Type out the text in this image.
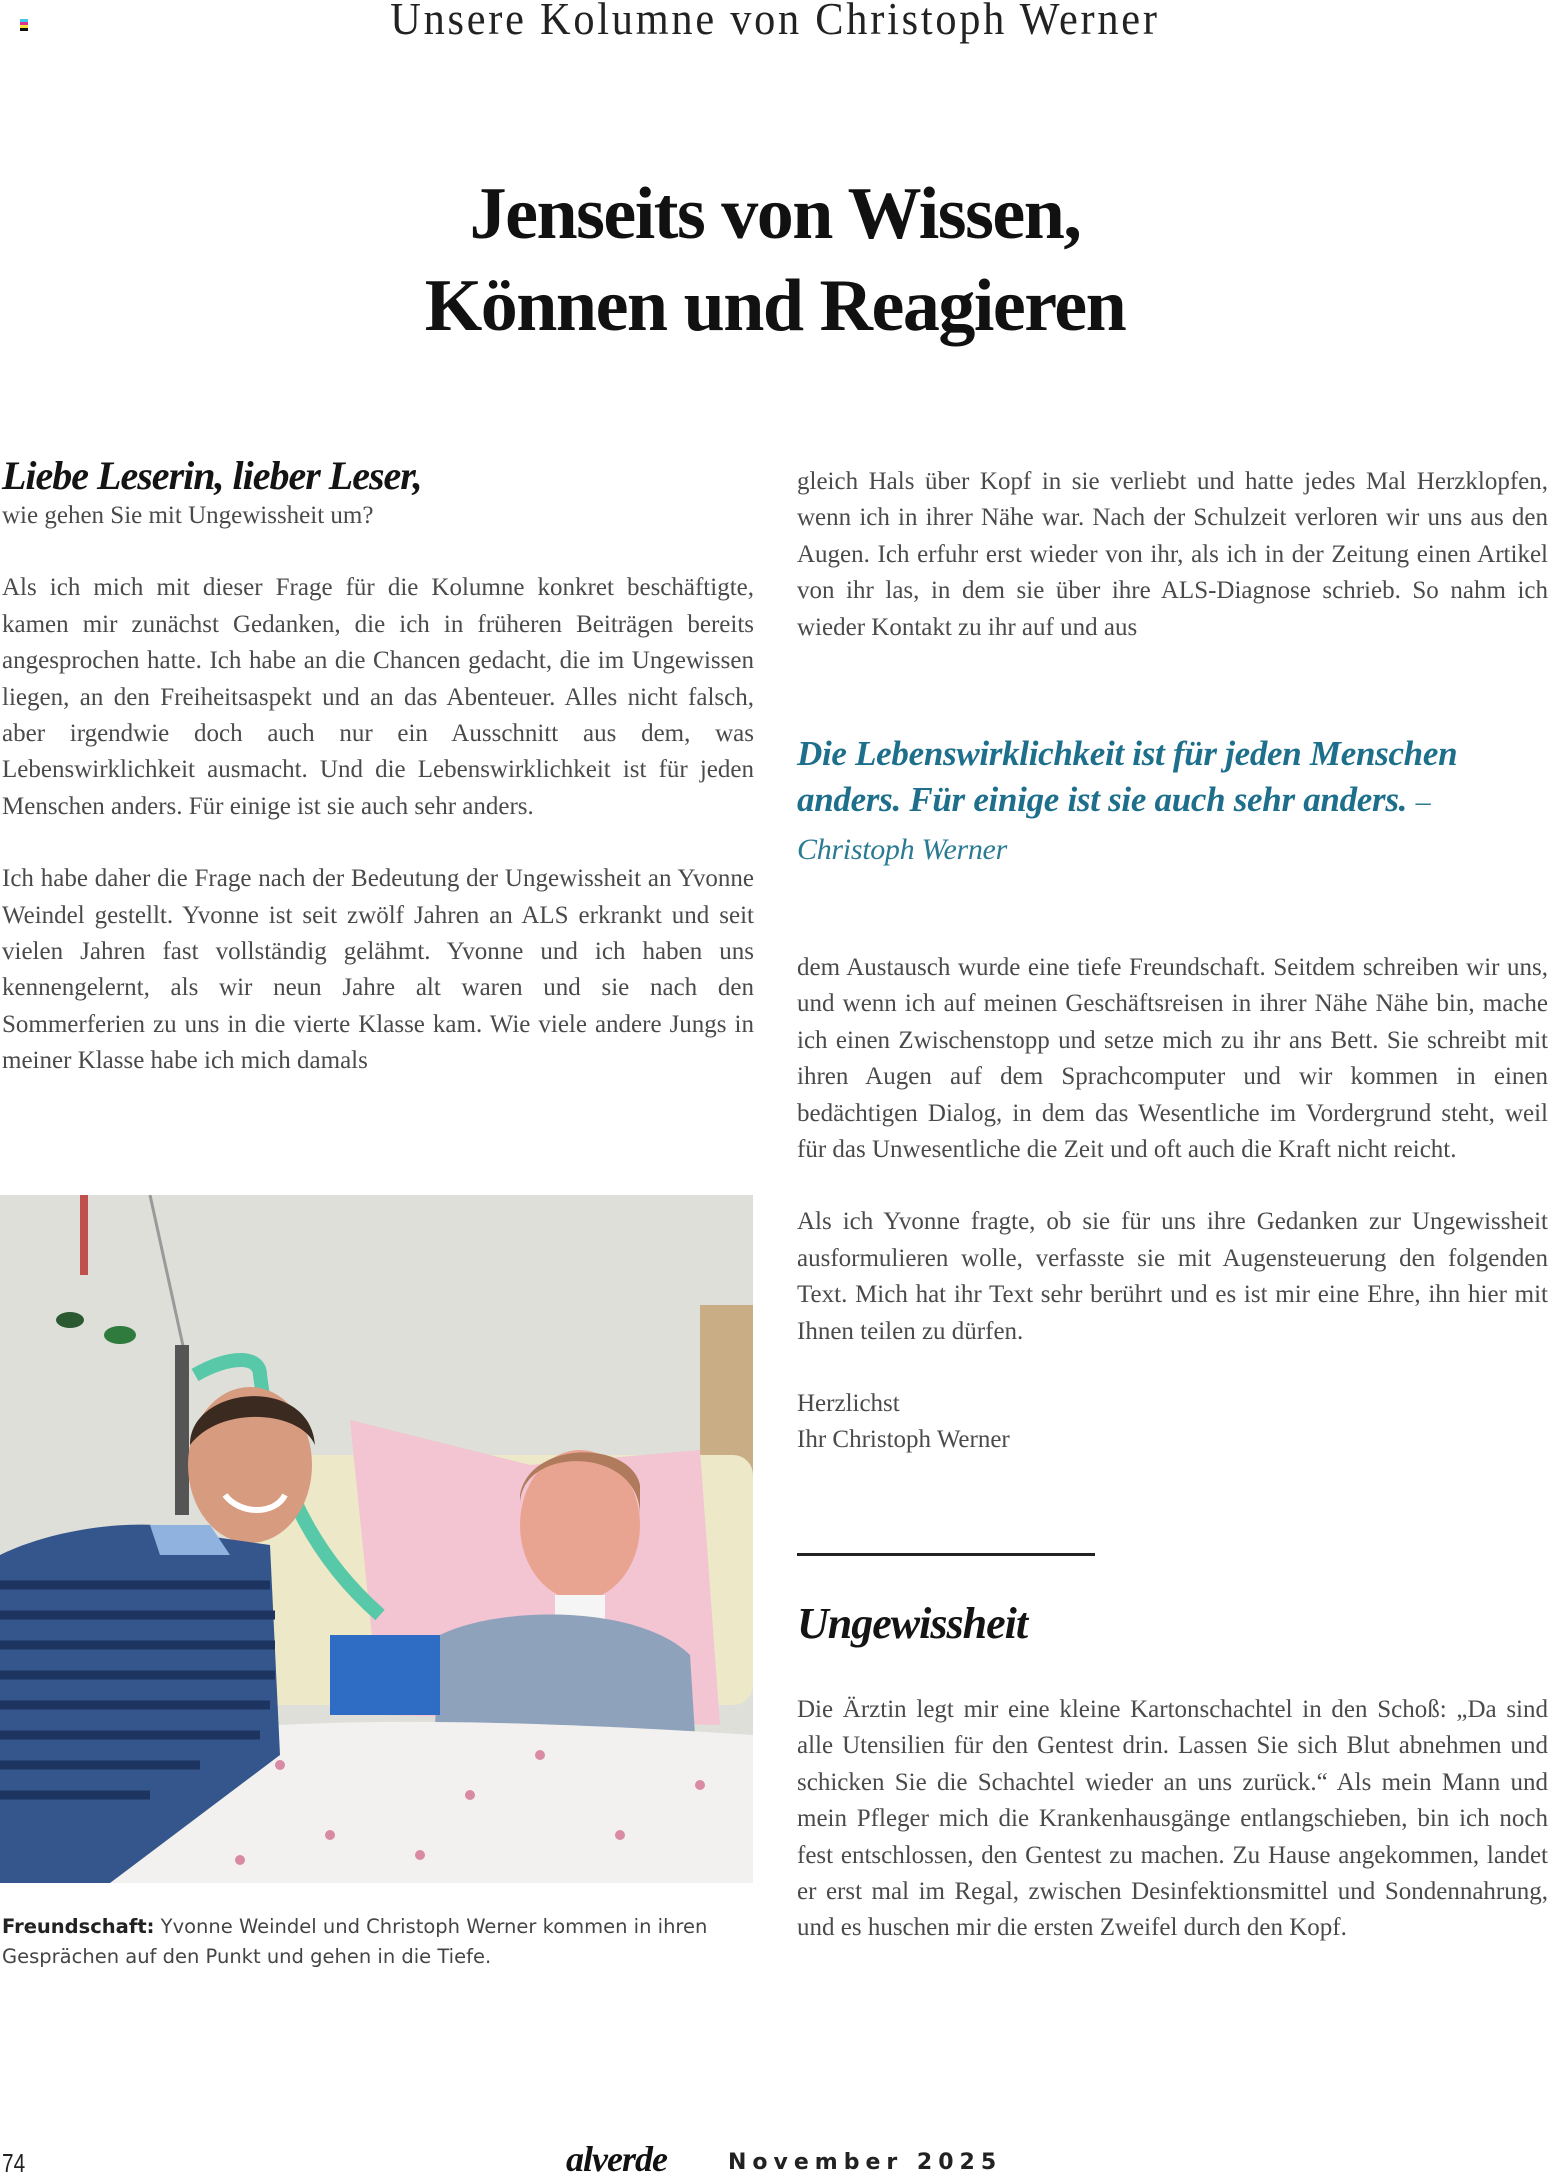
Unsere Kolumne von Christoph Werner
Jenseits von Wissen,
Können und Reagieren
Liebe Leserin, lieber Leser,

wie gehen Sie mit Ungewissheit um?

Als ich mich mit dieser Frage für die Kolumne konkret beschäftigte, kamen mir zunächst Gedanken, die ich in früheren Beiträgen bereits angesprochen hatte. Ich habe an die Chancen gedacht, die im Ungewissen liegen, an den Freiheitsaspekt und an das Abenteuer. Alles nicht falsch, aber irgendwie doch auch nur ein Ausschnitt aus dem, was Lebenswirklichkeit ausmacht. Und die Lebenswirklichkeit ist für jeden Menschen anders. Für einige ist sie auch sehr anders.

Ich habe daher die Frage nach der Bedeutung der Ungewissheit an Yvonne Weindel gestellt. Yvonne ist seit zwölf Jahren an ALS erkrankt und seit vielen Jahren fast vollständig gelähmt. Yvonne und ich haben uns kennengelernt, als wir neun Jahre alt waren und sie nach den Sommerferien zu uns in die vierte Klasse kam. Wie viele andere Jungs in meiner Klasse habe ich mich damals

gleich Hals über Kopf in sie verliebt und hatte jedes Mal Herzklopfen, wenn ich in ihrer Nähe war. Nach der Schulzeit verloren wir uns aus den Augen. Ich erfuhr erst wieder von ihr, als ich in der Zeitung einen Artikel von ihr las, in dem sie über ihre ALS-Diagnose schrieb. So nahm ich wieder Kontakt zu ihr auf und aus

Die Lebenswirklichkeit ist für jeden Menschen anders. Für einige ist sie auch sehr anders. – Christoph Werner

dem Austausch wurde eine tiefe Freundschaft. Seitdem schreiben wir uns, und wenn ich auf meinen Geschäftsreisen in ihrer Nähe Nähe bin, mache ich einen Zwischenstopp und setze mich zu ihr ans Bett. Sie schreibt mit ihren Augen auf dem Sprachcomputer und wir kommen in einen bedächtigen Dialog, in dem das Wesentliche im Vordergrund steht, weil für das Unwesentliche die Zeit und oft auch die Kraft nicht reicht.

Als ich Yvonne fragte, ob sie für uns ihre Gedanken zur Ungewissheit ausformulieren wolle, verfasste sie mit Augensteuerung den folgenden Text. Mich hat ihr Text sehr berührt und es ist mir eine Ehre, ihn hier mit Ihnen teilen zu dürfen.

Herzlichst

Ihr Christoph Werner

Freundschaft: Yvonne Weindel und Christoph Werner kommen in ihren Gesprächen auf den Punkt und gehen in die Tiefe.
Ungewissheit

Die Ärztin legt mir eine kleine Kartonschachtel in den Schoß: „Da sind alle Utensilien für den Gentest drin. Lassen Sie sich Blut abnehmen und schicken Sie die Schachtel wieder an uns zurück.“ Als mein Mann und mein Pfleger mich die Krankenhausgänge entlangschieben, bin ich noch fest entschlossen, den Gentest zu machen. Zu Hause angekommen, landet er erst mal im Regal, zwischen Desinfektionsmittel und Sondennahrung, und es huschen mir die ersten Zweifel durch den Kopf.

74	alverde	November 2025
